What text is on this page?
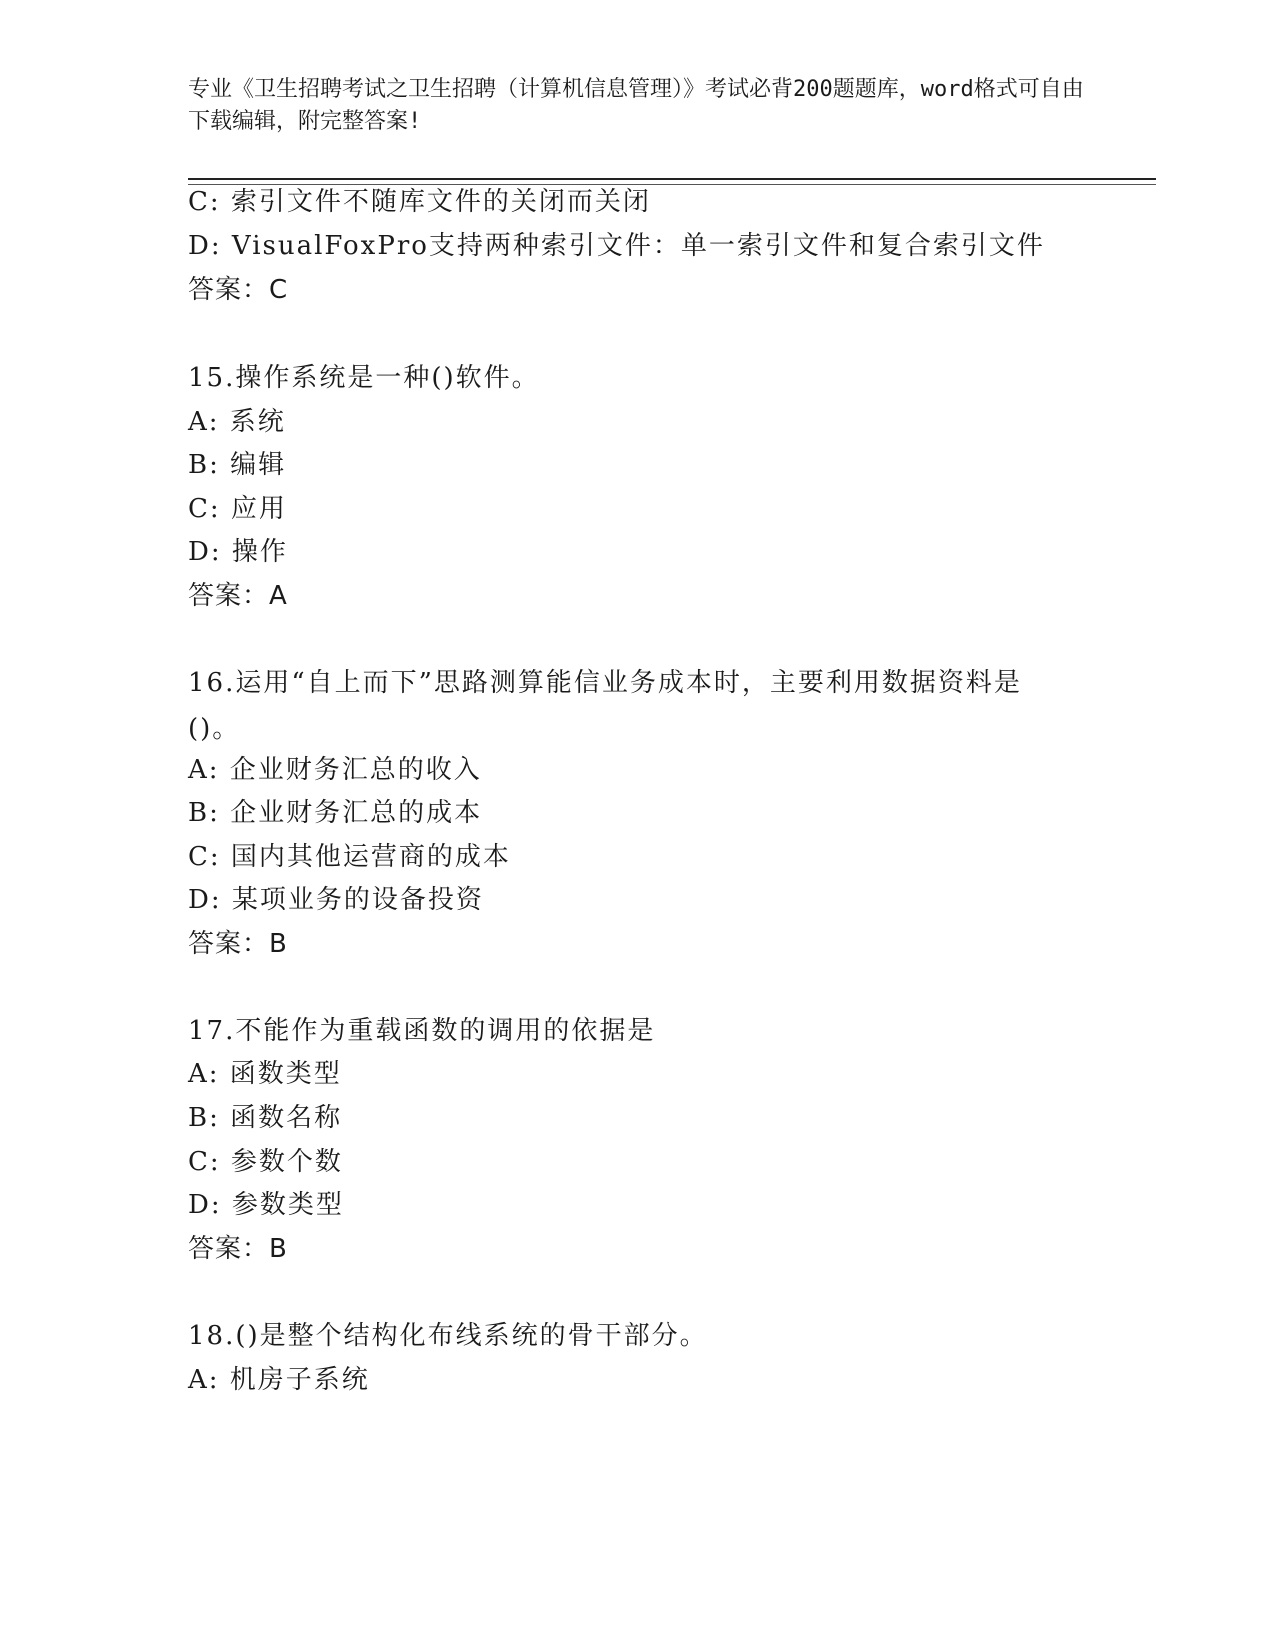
专业《卫生招聘考试之卫生招聘（计算机信息管理）》考试必背200题题库，word格式可自由下载编辑，附完整答案!
C: 索引文件不随库文件的关闭而关闭
D: VisualFoxPro支持两种索引文件：单一索引文件和复合索引文件
答案：C
15.操作系统是一种()软件。
A: 系统
B: 编辑
C: 应用
D: 操作
答案：A
16.运用“自上而下”思路测算能信业务成本时，主要利用数据资料是()。
A: 企业财务汇总的收入
B: 企业财务汇总的成本
C: 国内其他运营商的成本
D: 某项业务的设备投资
答案：B
17.不能作为重载函数的调用的依据是
A: 函数类型
B: 函数名称
C: 参数个数
D: 参数类型
答案：B
18.()是整个结构化布线系统的骨干部分。
A: 机房子系统
